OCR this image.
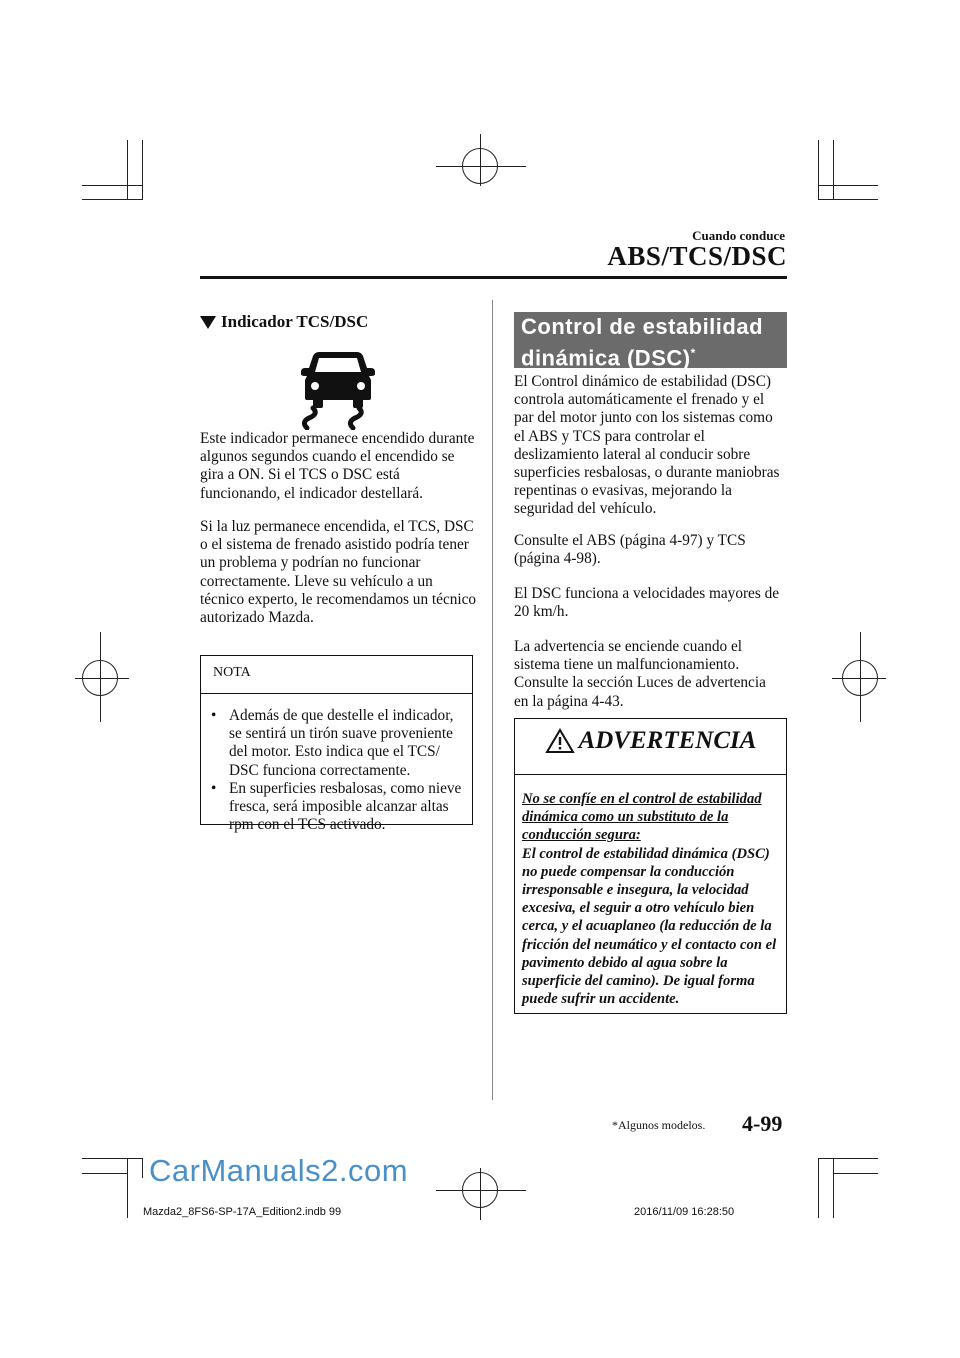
Cuando conduce
ABS/TCS/DSC
Indicador TCS/DSC
Este indicador permanece encendido durante algunos segundos cuando el encendido se gira a ON. Si el TCS o DSC está funcionando, el indicador destellará.
Si la luz permanece encendida, el TCS, DSC o el sistema de frenado asistido podría tener un problema y podrían no funcionar correctamente. Lleve su vehículo a un técnico experto, le recomendamos un técnico autorizado Mazda.
NOTA
• Además de que destelle el indicador, se sentirá un tirón suave proveniente del motor. Esto indica que el TCS/ DSC funciona correctamente.
• En superficies resbalosas, como nieve fresca, será imposible alcanzar altas rpm con el TCS activado.
Control de estabilidad
dinámica (DSC)*
El Control dinámico de estabilidad (DSC) controla automáticamente el frenado y el par del motor junto con los sistemas como el ABS y TCS para controlar el deslizamiento lateral al conducir sobre superficies resbalosas, o durante maniobras repentinas o evasivas, mejorando la seguridad del vehículo.
Consulte el ABS (página 4-97) y TCS (página 4-98).
El DSC funciona a velocidades mayores de 20 km/h.
La advertencia se enciende cuando el sistema tiene un malfuncionamiento. Consulte la sección Luces de advertencia en la página 4-43.
ADVERTENCIA
No se confíe en el control de estabilidad dinámica como un substituto de la conducción segura:
El control de estabilidad dinámica (DSC) no puede compensar la conducción irresponsable e insegura, la velocidad excesiva, el seguir a otro vehículo bien cerca, y el acuaplaneo (la reducción de la fricción del neumático y el contacto con el pavimento debido al agua sobre la superficie del camino). De igual forma puede sufrir un accidente.
*Algunos modelos. 4-99
CarManuals2.com
Mazda2_8FS6-SP-17A_Edition2.indb 99	2016/11/09 16:28:50
